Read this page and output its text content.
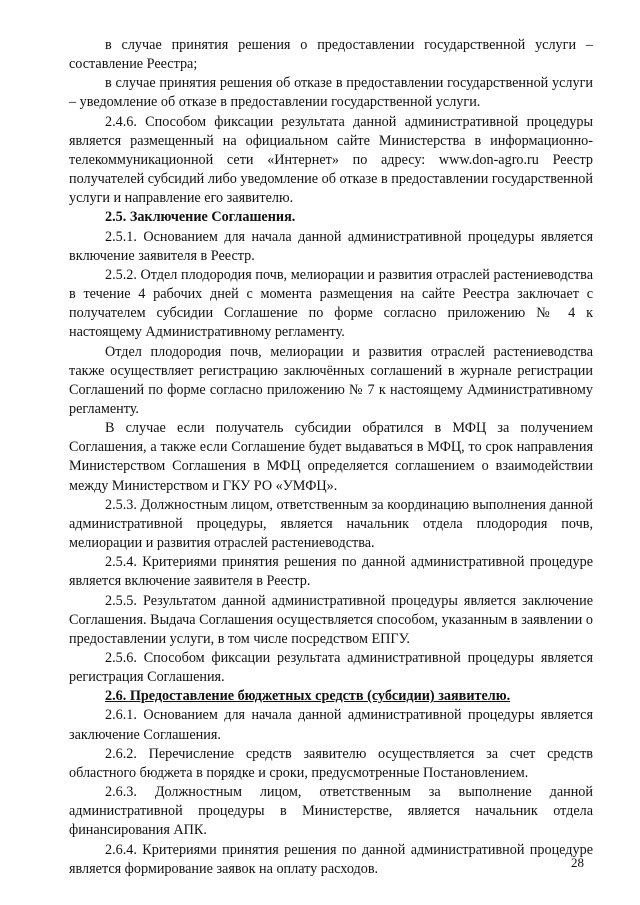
в случае принятия решения о предоставлении государственной услуги – составление Реестра;

в случае принятия решения об отказе в предоставлении государственной услуги – уведомление об отказе в предоставлении государственной услуги.

2.4.6. Способом фиксации результата данной административной процедуры является размещенный на официальном сайте Министерства в информационно-телекоммуникационной сети «Интернет» по адресу: www.don-agro.ru Реестр получателей субсидий либо уведомление об отказе в предоставлении государственной услуги и направление его заявителю.

2.5. Заключение Соглашения.

2.5.1. Основанием для начала данной административной процедуры является включение заявителя в Реестр.

2.5.2. Отдел плодородия почв, мелиорации и развития отраслей растениеводства в течение 4 рабочих дней с момента размещения на сайте Реестра заключает с получателем субсидии Соглашение по форме согласно приложению № 4 к настоящему Административному регламенту.

Отдел плодородия почв, мелиорации и развития отраслей растениеводства также осуществляет регистрацию заключённых соглашений в журнале регистрации Соглашений по форме согласно приложению № 7 к настоящему Административному регламенту.

В случае если получатель субсидии обратился в МФЦ за получением Соглашения, а также если Соглашение будет выдаваться в МФЦ, то срок направления Министерством Соглашения в МФЦ определяется соглашением о взаимодействии между Министерством и ГКУ РО «УМФЦ».

2.5.3. Должностным лицом, ответственным за координацию выполнения данной административной процедуры, является начальник отдела плодородия почв, мелиорации и развития отраслей растениеводства.

2.5.4. Критериями принятия решения по данной административной процедуре является включение заявителя в Реестр.

2.5.5. Результатом данной административной процедуры является заключение Соглашения. Выдача Соглашения осуществляется способом, указанным в заявлении о предоставлении услуги, в том числе посредством ЕПГУ.

2.5.6. Способом фиксации результата административной процедуры является регистрация Соглашения.

2.6. Предоставление бюджетных средств (субсидии) заявителю.

2.6.1. Основанием для начала данной административной процедуры является заключение Соглашения.

2.6.2. Перечисление средств заявителю осуществляется за счет средств областного бюджета в порядке и сроки, предусмотренные Постановлением.

2.6.3. Должностным лицом, ответственным за выполнение данной административной процедуры в Министерстве, является начальник отдела финансирования АПК.

2.6.4. Критериями принятия решения по данной административной процедуре является формирование заявок на оплату расходов.	28
